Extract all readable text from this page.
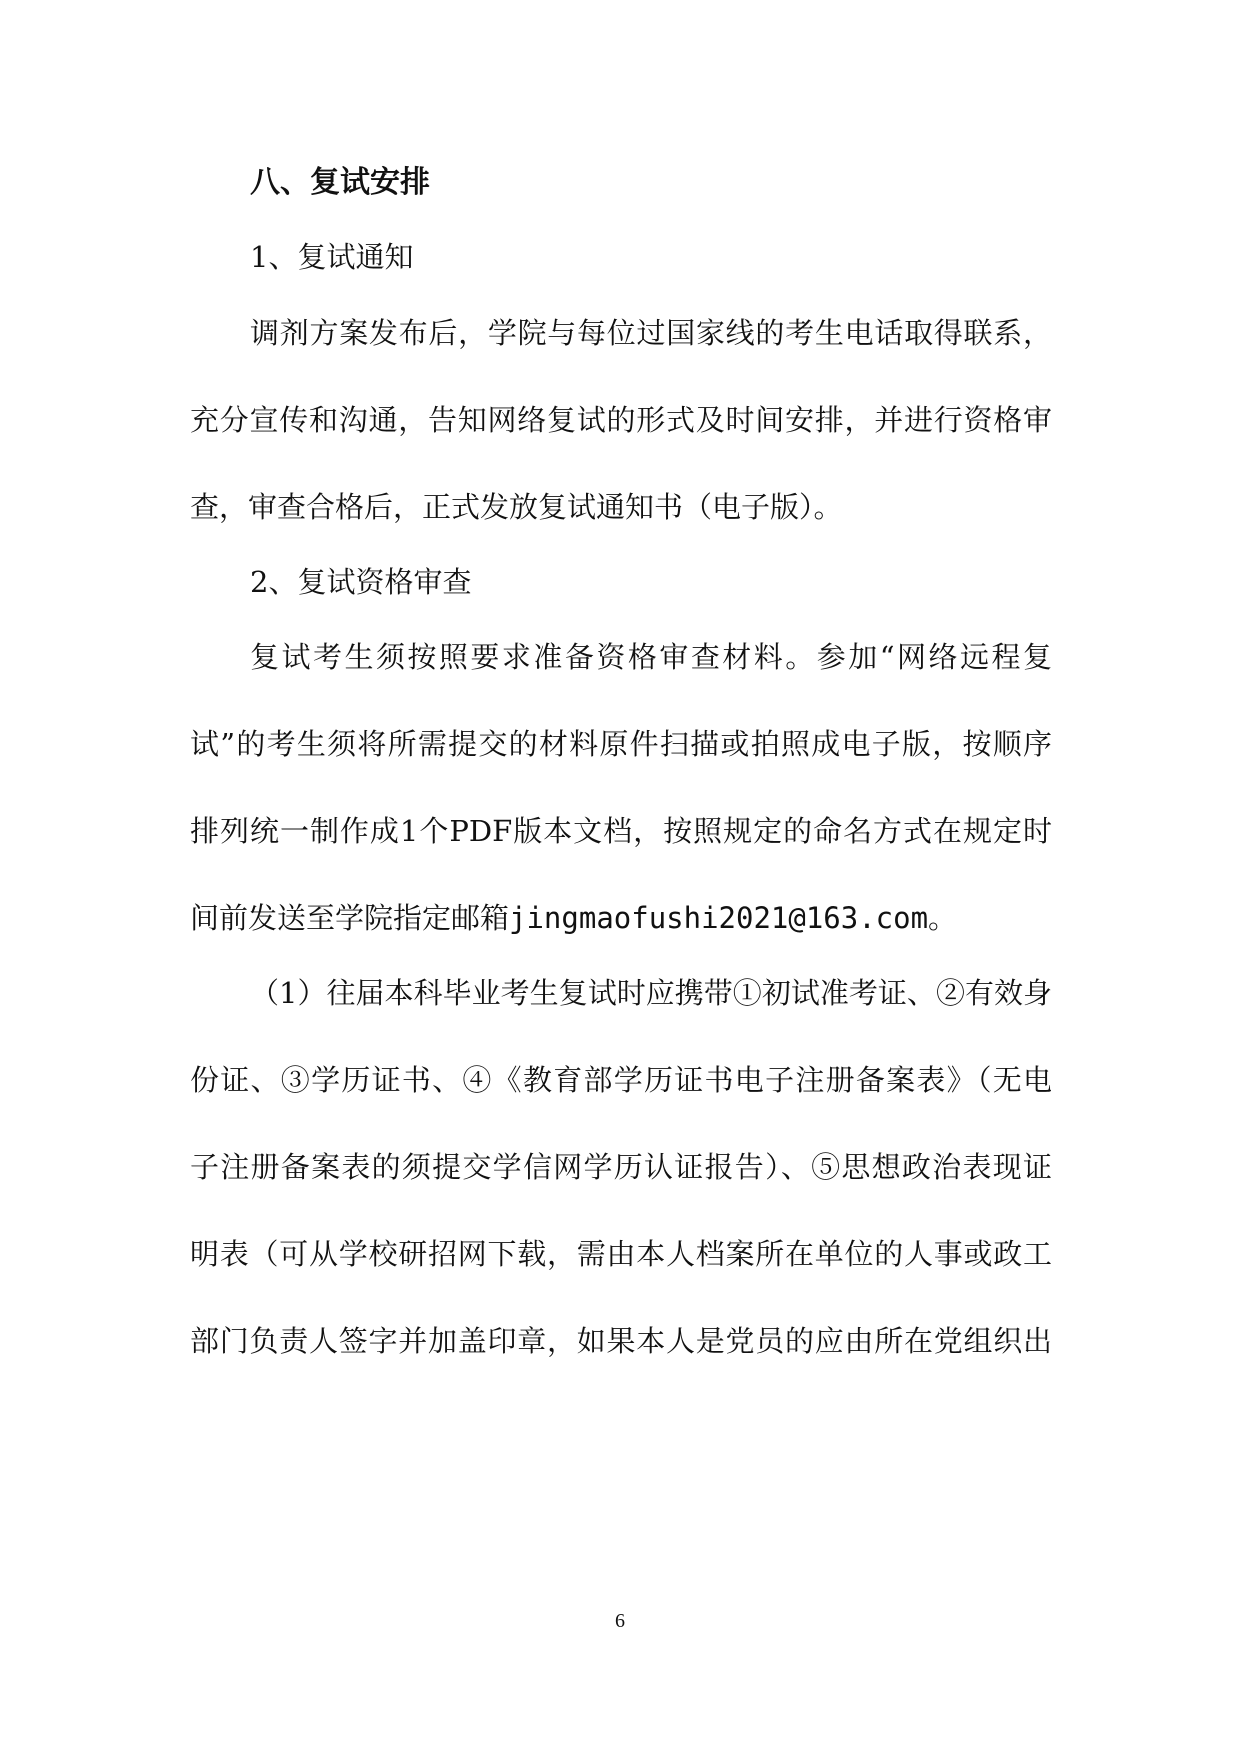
八、复试安排
1、复试通知
调剂方案发布后，学院与每位过国家线的考生电话取得联系，
充分宣传和沟通，告知网络复试的形式及时间安排，并进行资格审
查，审查合格后，正式发放复试通知书（电子版）。
2、复试资格审查
复试考生须按照要求准备资格审查材料。参加“网络远程复
试”的考生须将所需提交的材料原件扫描或拍照成电子版，按顺序
排列统一制作成1个PDF版本文档，按照规定的命名方式在规定时
间前发送至学院指定邮箱jingmaofushi2021@163.com。
（1）往届本科毕业考生复试时应携带①初试准考证、②有效身
份证、③学历证书、④《教育部学历证书电子注册备案表》（无电
子注册备案表的须提交学信网学历认证报告）、⑤思想政治表现证
明表（可从学校研招网下载，需由本人档案所在单位的人事或政工
部门负责人签字并加盖印章，如果本人是党员的应由所在党组织出
6
